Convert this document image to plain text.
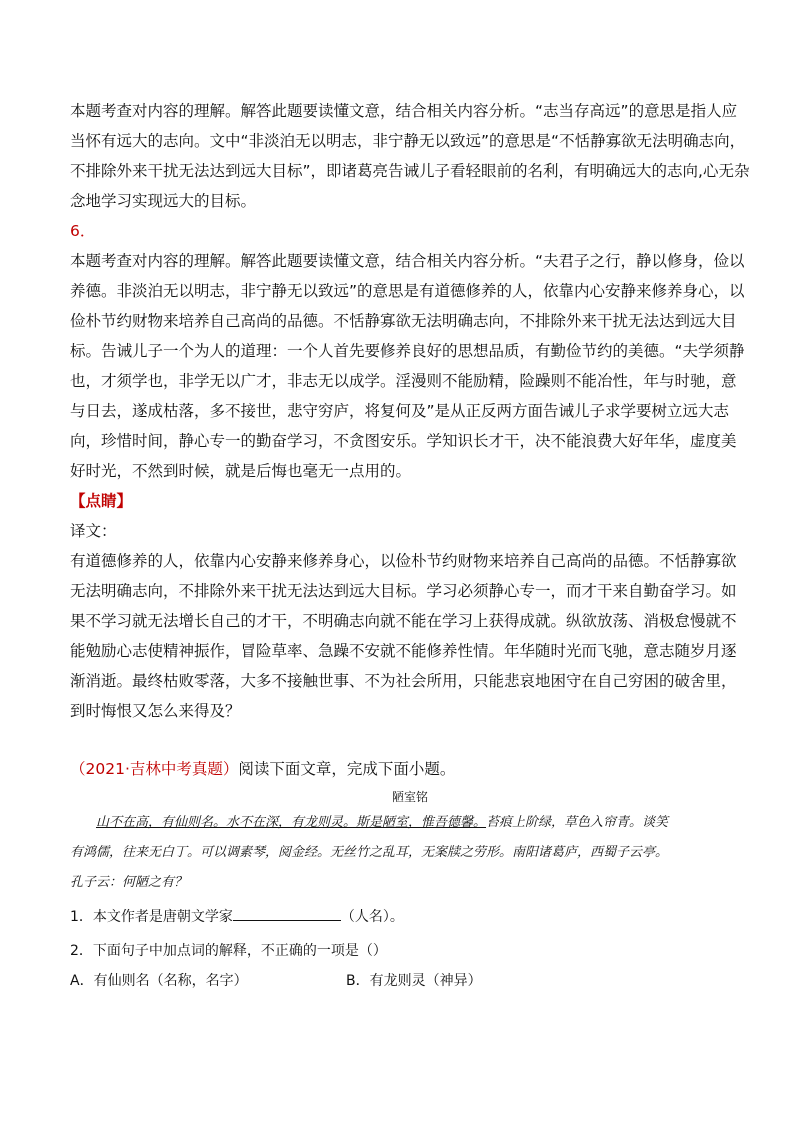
本题考查对内容的理解。解答此题要读懂文意，结合相关内容分析。“志当存高远”的意思是指人应当怀有远大的志向。文中“非淡泊无以明志，非宁静无以致远”的意思是“不恬静寡欲无法明确志向，不排除外来干扰无法达到远大目标”，即诸葛亮告诫儿子看轻眼前的名利，有明确远大的志向,心无杂念地学习实现远大的目标。

6．

本题考查对内容的理解。解答此题要读懂文意，结合相关内容分析。“夫君子之行，静以修身，俭以养德。非淡泊无以明志，非宁静无以致远”的意思是有道德修养的人，依靠内心安静来修养身心，以俭朴节约财物来培养自己高尚的品德。不恬静寡欲无法明确志向，不排除外来干扰无法达到远大目标。告诫儿子一个为人的道理：一个人首先要修养良好的思想品质，有勤俭节约的美德。“夫学须静也，才须学也，非学无以广才，非志无以成学。淫漫则不能励精，险躁则不能冶性，年与时驰，意与日去，遂成枯落，多不接世，悲守穷庐，将复何及”是从正反两方面告诫儿子求学要树立远大志向，珍惜时间，静心专一的勤奋学习，不贪图安乐。学知识长才干，决不能浪费大好年华，虚度美好时光，不然到时候，就是后悔也毫无一点用的。

【点睛】
译文：

有道德修养的人，依靠内心安静来修养身心，以俭朴节约财物来培养自己高尚的品德。不恬静寡欲无法明确志向，不排除外来干扰无法达到远大目标。学习必须静心专一，而才干来自勤奋学习。如果不学习就无法增长自己的才干，不明确志向就不能在学习上获得成就。纵欲放荡、消极怠慢就不能勉励心志使精神振作，冒险草率、急躁不安就不能修养性情。年华随时光而飞驰，意志随岁月逐渐消逝。最终枯败零落，大多不接触世事、不为社会所用，只能悲哀地困守在自己穷困的破舍里，到时悔恨又怎么来得及？

（2021·吉林中考真题）阅读下面文章，完成下面小题。
陋室铭

山不在高，有仙则名。水不在深，有龙则灵。斯是陋室，惟吾德馨。苔痕上阶绿，草色入帘青。谈笑

有鸿儒，往来无白丁。可以调素琴，阅金经。无丝竹之乱耳，无案牍之劳形。南阳诸葛庐，西蜀子云亭。

孔子云：何陋之有？

1．本文作者是唐朝文学家	（人名）。
2．下面句子中加点词的解释，不正确的一项是（）
A．有仙则名（名称，名字）	B．有龙则灵（神异）
